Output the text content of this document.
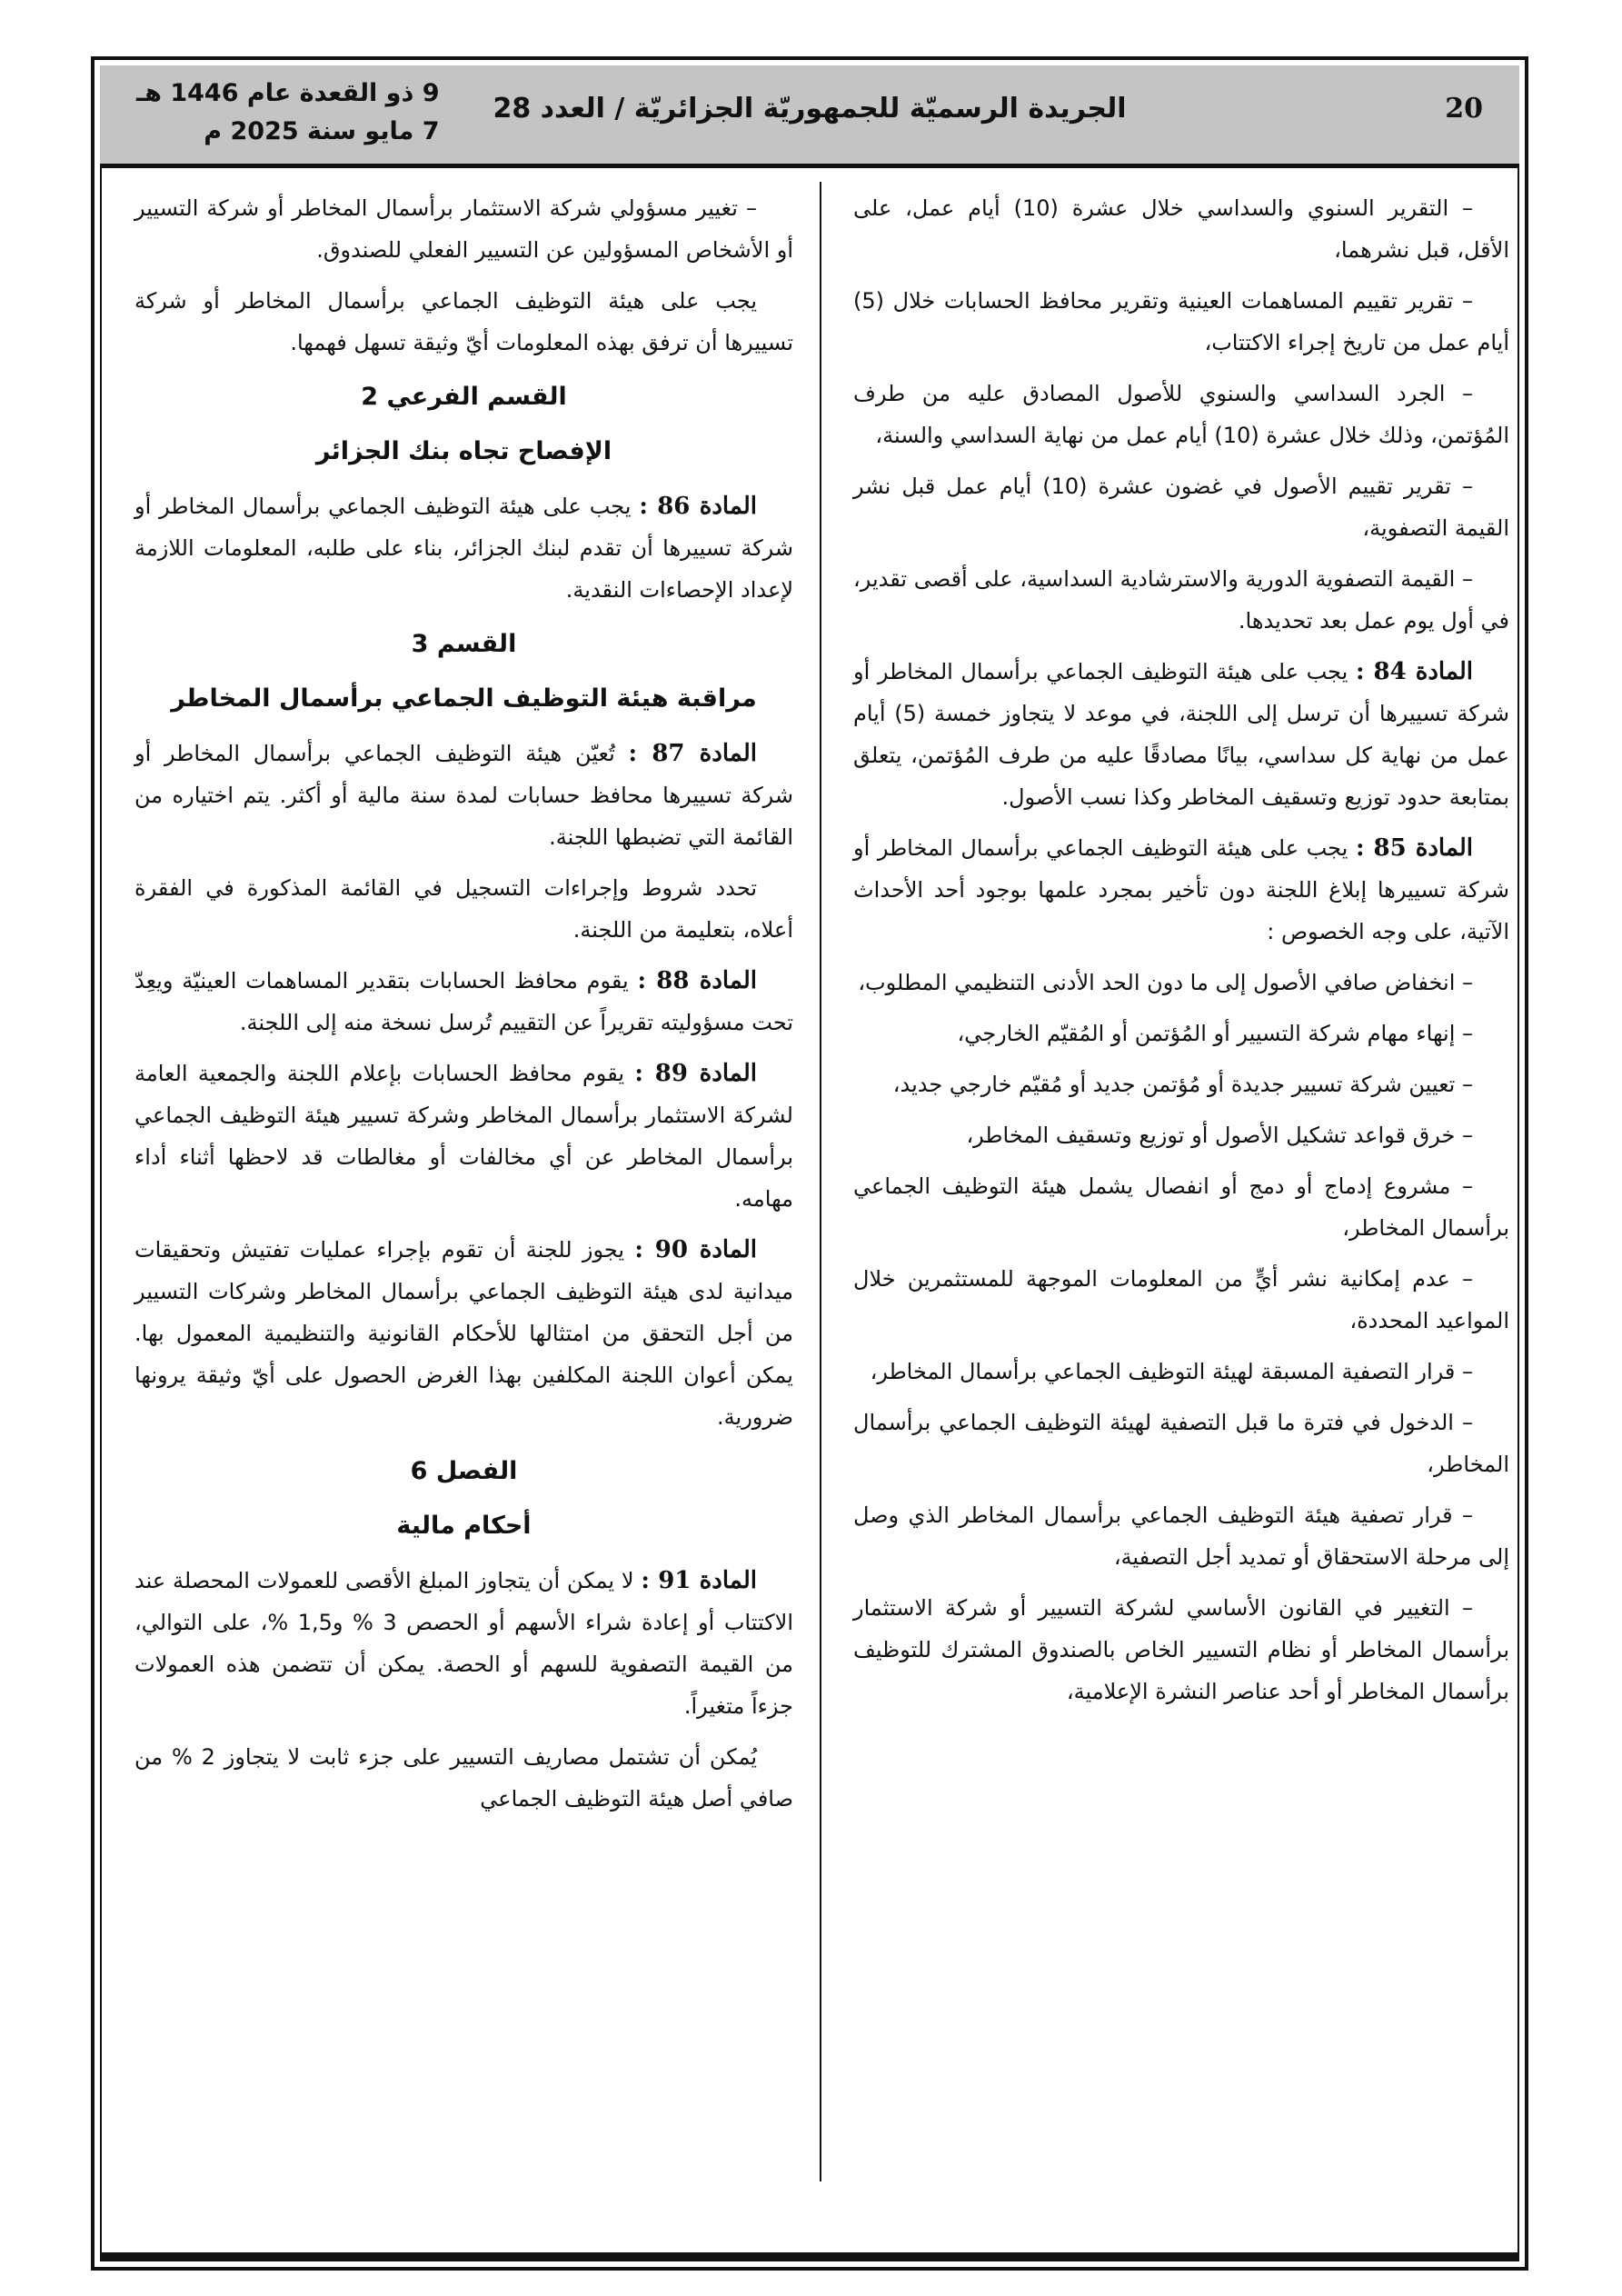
20
الجريدة الرسميّة للجمهوريّة الجزائريّة / العدد 28
9 ذو القعدة عام 1446 هـ
7 مايو سنة 2025 م

– التقرير السنوي والسداسي خلال عشرة (10) أيام عمل، على الأقل، قبل نشرهما،

– تقرير تقييم المساهمات العينية وتقرير محافظ الحسابات خلال (5) أيام عمل من تاريخ إجراء الاكتتاب،

– الجرد السداسي والسنوي للأصول المصادق عليه من طرف المُؤتمن، وذلك خلال عشرة (10) أيام عمل من نهاية السداسي والسنة،

– تقرير تقييم الأصول في غضون عشرة (10) أيام عمل قبل نشر القيمة التصفوية،

– القيمة التصفوية الدورية والاسترشادية السداسية، على أقصى تقدير، في أول يوم عمل بعد تحديدها.

المادة 84 : يجب على هيئة التوظيف الجماعي برأسمال المخاطر أو شركة تسييرها أن ترسل إلى اللجنة، في موعد لا يتجاوز خمسة (5) أيام عمل من نهاية كل سداسي، بيانًا مصادقًا عليه من طرف المُؤتمن، يتعلق بمتابعة حدود توزيع وتسقيف المخاطر وكذا نسب الأصول.

المادة 85 : يجب على هيئة التوظيف الجماعي برأسمال المخاطر أو شركة تسييرها إبلاغ اللجنة دون تأخير بمجرد علمها بوجود أحد الأحداث الآتية، على وجه الخصوص :

– انخفاض صافي الأصول إلى ما دون الحد الأدنى التنظيمي المطلوب،

– إنهاء مهام شركة التسيير أو المُؤتمن أو المُقيّم الخارجي،

– تعيين شركة تسيير جديدة أو مُؤتمن جديد أو مُقيّم خارجي جديد،

– خرق قواعد تشكيل الأصول أو توزيع وتسقيف المخاطر،

– مشروع إدماج أو دمج أو انفصال يشمل هيئة التوظيف الجماعي برأسمال المخاطر،

– عدم إمكانية نشر أيٍّ من المعلومات الموجهة للمستثمرين خلال المواعيد المحددة،

– قرار التصفية المسبقة لهيئة التوظيف الجماعي برأسمال المخاطر،

– الدخول في فترة ما قبل التصفية لهيئة التوظيف الجماعي برأسمال المخاطر،

– قرار تصفية هيئة التوظيف الجماعي برأسمال المخاطر الذي وصل إلى مرحلة الاستحقاق أو تمديد أجل التصفية،

– التغيير في القانون الأساسي لشركة التسيير أو شركة الاستثمار برأسمال المخاطر أو نظام التسيير الخاص بالصندوق المشترك للتوظيف برأسمال المخاطر أو أحد عناصر النشرة الإعلامية،

– تغيير مسؤولي شركة الاستثمار برأسمال المخاطر أو شركة التسيير أو الأشخاص المسؤولين عن التسيير الفعلي للصندوق.

يجب على هيئة التوظيف الجماعي برأسمال المخاطر أو شركة تسييرها أن ترفق بهذه المعلومات أيّ وثيقة تسهل فهمها.

القسم الفرعي 2

الإفصاح تجاه بنك الجزائر

المادة 86 : يجب على هيئة التوظيف الجماعي برأسمال المخاطر أو شركة تسييرها أن تقدم لبنك الجزائر، بناء على طلبه، المعلومات اللازمة لإعداد الإحصاءات النقدية.

القسم 3

مراقبة هيئة التوظيف الجماعي برأسمال المخاطر

المادة 87 : تُعيّن هيئة التوظيف الجماعي برأسمال المخاطر أو شركة تسييرها محافظ حسابات لمدة سنة مالية أو أكثر. يتم اختياره من القائمة التي تضبطها اللجنة.

تحدد شروط وإجراءات التسجيل في القائمة المذكورة في الفقرة أعلاه، بتعليمة من اللجنة.

المادة 88 : يقوم محافظ الحسابات بتقدير المساهمات العينيّة ويعِدّ تحت مسؤوليته تقريراً عن التقييم تُرسل نسخة منه إلى اللجنة.

المادة 89 : يقوم محافظ الحسابات بإعلام اللجنة والجمعية العامة لشركة الاستثمار برأسمال المخاطر وشركة تسيير هيئة التوظيف الجماعي برأسمال المخاطر عن أي مخالفات أو مغالطات قد لاحظها أثناء أداء مهامه.

المادة 90 : يجوز للجنة أن تقوم بإجراء عمليات تفتيش وتحقيقات ميدانية لدى هيئة التوظيف الجماعي برأسمال المخاطر وشركات التسيير من أجل التحقق من امتثالها للأحكام القانونية والتنظيمية المعمول بها. يمكن أعوان اللجنة المكلفين بهذا الغرض الحصول على أيّ وثيقة يرونها ضرورية.

الفصل 6

أحكام مالية

المادة 91 : لا يمكن أن يتجاوز المبلغ الأقصى للعمولات المحصلة عند الاكتتاب أو إعادة شراء الأسهم أو الحصص 3 % و1,5 %، على التوالي، من القيمة التصفوية للسهم أو الحصة. يمكن أن تتضمن هذه العمولات جزءاً متغيراً.

يُمكن أن تشتمل مصاريف التسيير على جزء ثابت لا يتجاوز 2 % من صافي أصل هيئة التوظيف الجماعي
